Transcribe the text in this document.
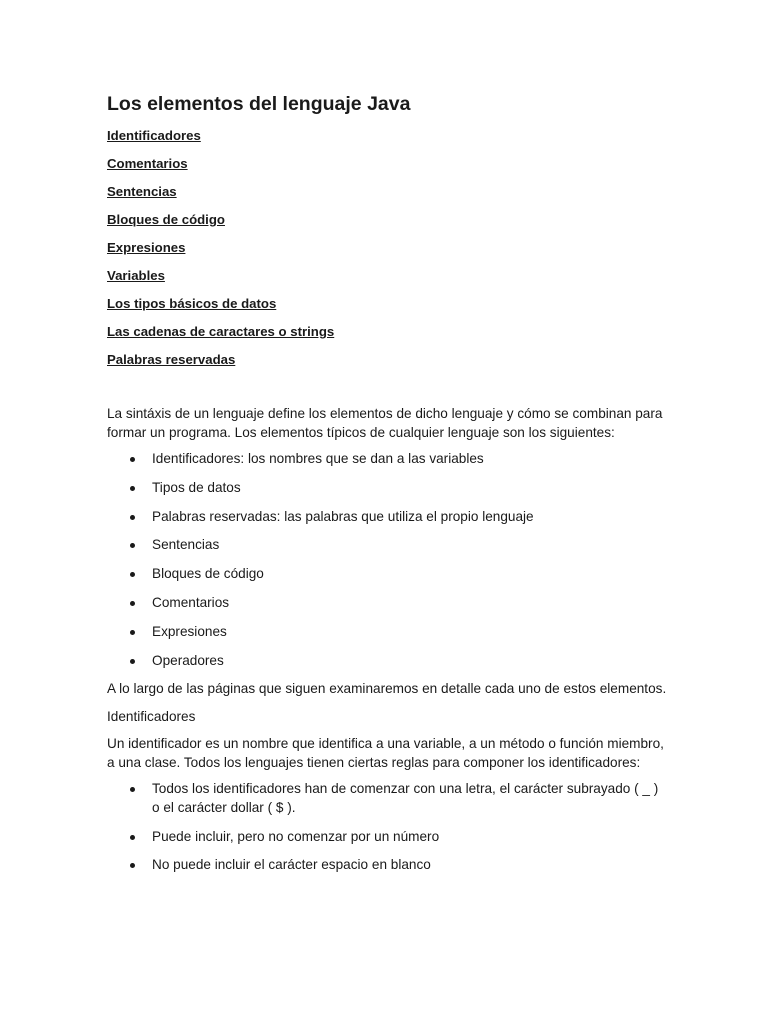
Los elementos del lenguaje Java
Identificadores
Comentarios
Sentencias
Bloques de código
Expresiones
Variables
Los tipos básicos de datos
Las cadenas de caractares o strings
Palabras reservadas

La sintáxis de un lenguaje define los elementos de dicho lenguaje y cómo se combinan para formar un programa. Los elementos típicos de cualquier lenguaje son los siguientes:

Identificadores: los nombres que se dan a las variables
Tipos de datos
Palabras reservadas: las palabras que utiliza el propio lenguaje
Sentencias
Bloques de código
Comentarios
Expresiones
Operadores

A lo largo de las páginas que siguen examinaremos en detalle cada uno de estos elementos.

Identificadores

Un identificador es un nombre que identifica a una variable, a un método o función miembro, a una clase. Todos los lenguajes tienen ciertas reglas para componer los identificadores:

Todos los identificadores han de comenzar con una letra, el carácter subrayado ( _ ) o el carácter dollar ( $ ).
Puede incluir, pero no comenzar por un número
No puede incluir el carácter espacio en blanco
